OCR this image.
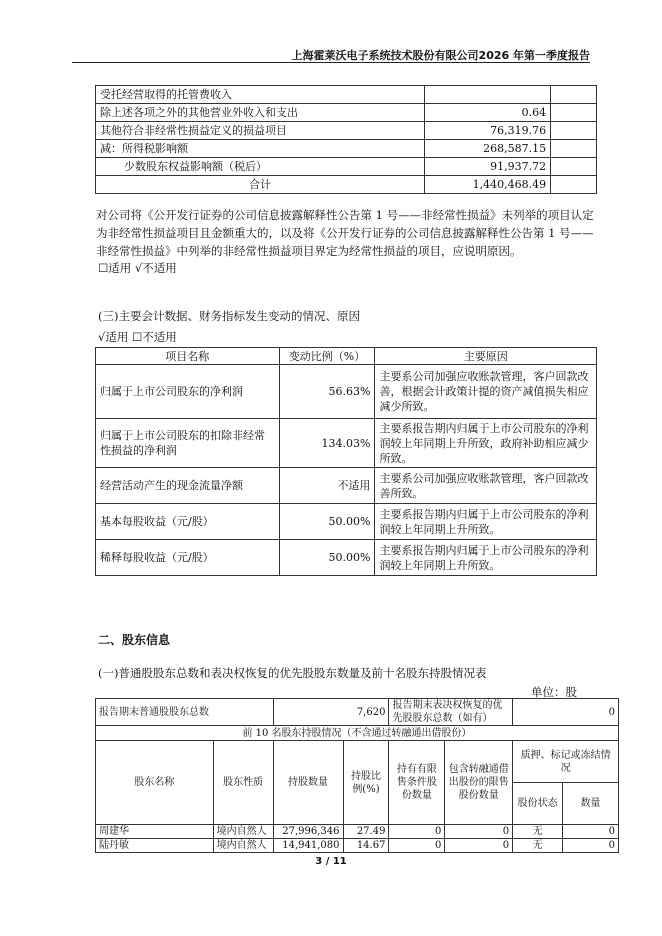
上海霍莱沃电子系统技术股份有限公司2026 年第一季度报告
受托经营取得的托管费收入		
除上述各项之外的其他营业外收入和支出	0.64	
其他符合非经常性损益定义的损益项目	76,319.76	
减：所得税影响额	268,587.15	
少数股东权益影响额（税后）	91,937.72	
合计	1,440,468.49	
对公司将《公开发行证券的公司信息披露解释性公告第 1 号——非经常性损益》未列举的项目认定为非经常性损益项目且金额重大的，以及将《公开发行证券的公司信息披露解释性公告第 1 号——非经常性损益》中列举的非经常性损益项目界定为经常性损益的项目，应说明原因。
☐适用 √不适用
(三)主要会计数据、财务指标发生变动的情况、原因
√适用 ☐不适用
项目名称	变动比例（%）	主要原因
归属于上市公司股东的净利润	56.63%	主要系公司加强应收账款管理，客户回款改善，根据会计政策计提的资产减值损失相应减少所致。
归属于上市公司股东的扣除非经常性损益的净利润	134.03%	主要系报告期内归属于上市公司股东的净利润较上年同期上升所致，政府补助相应减少所致。
经营活动产生的现金流量净额	不适用	主要系公司加强应收账款管理，客户回款改善所致。
基本每股收益（元/股）	50.00%	主要系报告期内归属于上市公司股东的净利润较上年同期上升所致。
稀释每股收益（元/股）	50.00%	主要系报告期内归属于上市公司股东的净利润较上年同期上升所致。
二、股东信息
(一)普通股股东总数和表决权恢复的优先股股东数量及前十名股东持股情况表
单位：股
报告期末普通股股东总数		7,620		报告期末表决权恢复的优先股股东总数（如有）		0	
前 10 名股东持股情况（不含通过转融通出借股份）							
股东名称	股东性质	持股数量	持股比例(%)	持有有限售条件股份数量	包含转融通借出股份的限售股份数量	质押、标记或冻结情况	
						股份状态	数量
周建华	境内自然人	27,996,346	27.49	0	0	无	0
陆丹敏	境内自然人	14,941,080	14.67	0	0	无	0
3 / 11
